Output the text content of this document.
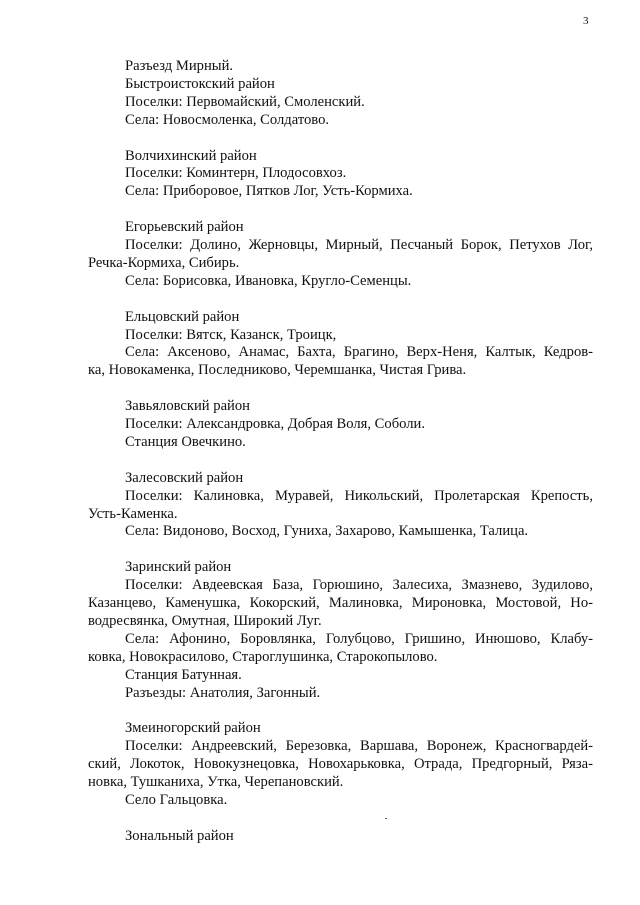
3
Разъезд Мирный.
Быстроистокский район
Поселки: Первомайский, Смоленский.
Села: Новосмоленка, Солдатово.
Волчихинский район
Поселки: Коминтерн, Плодосовхоз.
Села: Приборовое, Пятков Лог, Усть-Кормиха.
Егорьевский район
Поселки: Долино, Жерновцы, Мирный, Песчаный Борок, Петухов Лог,
Речка-Кормиха, Сибирь.
Села: Борисовка, Ивановка, Кругло-Семенцы.
Ельцовский район
Поселки: Вятск, Казанск, Троицк,
Села: Аксеново, Анамас, Бахта, Брагино, Верх-Неня, Калтык, Кедров-
ка, Новокаменка, Последниково, Черемшанка, Чистая Грива.
Завьяловский район
Поселки: Александровка, Добрая Воля, Соболи.
Станция Овечкино.
Залесовский район
Поселки: Калиновка, Муравей, Никольский, Пролетарская Крепость,
Усть-Каменка.
Села: Видоново, Восход, Гуниха, Захарово, Камышенка, Талица.
Заринский район
Поселки: Авдеевская База, Горюшино, Залесиха, Змазнево, Зудилово,
Казанцево, Каменушка, Кокорский, Малиновка, Мироновка, Мостовой, Но-
водресвянка, Омутная, Широкий Луг.
Села: Афонино, Боровлянка, Голубцово, Гришино, Инюшово, Клабу-
ковка, Новокрасилово, Староглушинка, Старокопылово.
Станция Батунная.
Разъезды: Анатолия, Загонный.
Змеиногорский район
Поселки: Андреевский, Березовка, Варшава, Воронеж, Красногвардей-
ский, Локоток, Новокузнецовка, Новохарьковка, Отрада, Предгорный, Ряза-
новка, Тушканиха, Утка, Черепановский.
Село Гальцовка.
Зональный район
